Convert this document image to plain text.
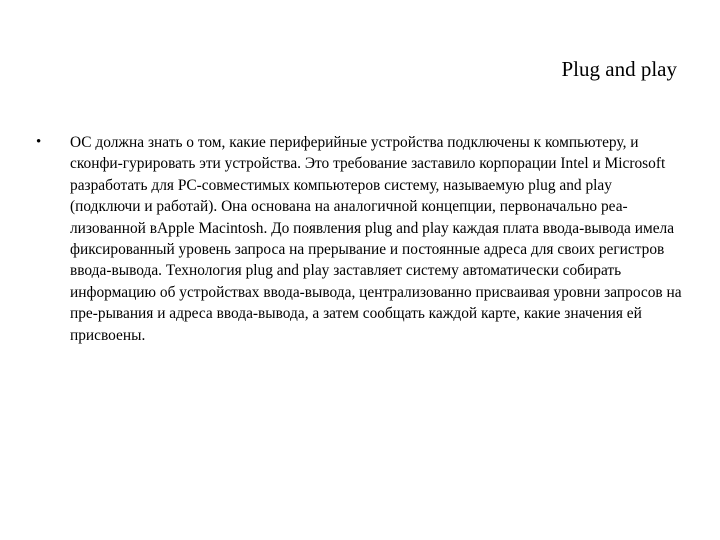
Plug and play
•	ОС должна знать о том, какие периферийные устройства подключены к компьютеру, и сконфи-гурировать эти устройства. Это требование заставило корпорации Intel и Microsoft разработать для PC-совместимых компьютеров систему, называемую plug and play (подключи и работай). Она основана на аналогичной концепции, первоначально реа-лизованной вApple Macintosh. До появления plug and play каждая плата ввода-вывода имела фиксированный уровень запроса на прерывание и постоянные адреса для своих регистров ввода-вывода. Технология plug and play заставляет систему автоматически собирать информацию об устройствах ввода-вывода, централизованно присваивая уровни запросов на пре-рывания и адреса ввода-вывода, а затем сообщать каждой карте, какие значения ей присвоены.
